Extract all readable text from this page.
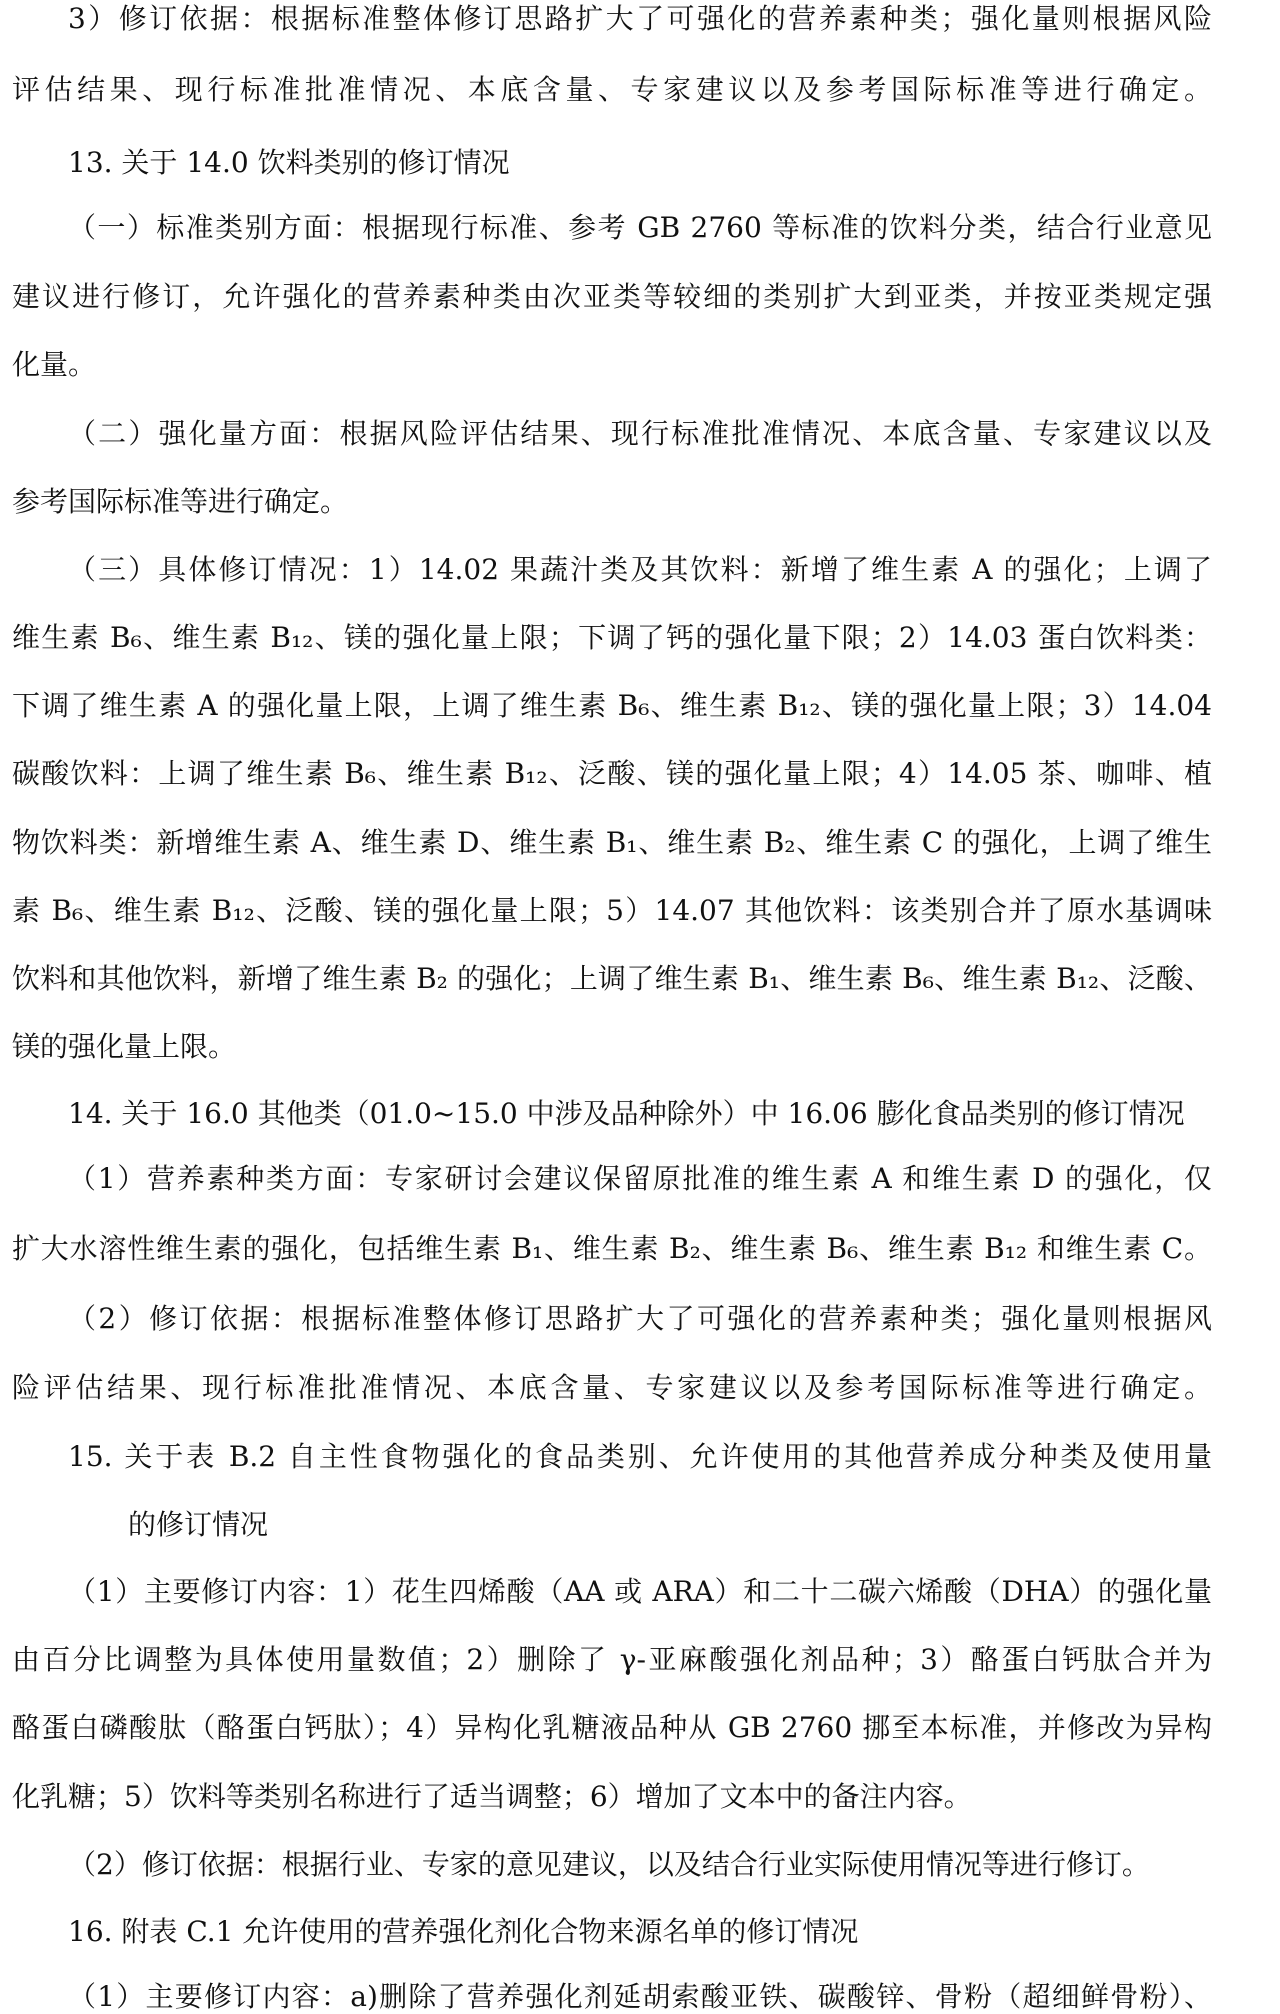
3）修订依据：根据标准整体修订思路扩大了可强化的营养素种类；强化量则根据风险
评估结果、现行标准批准情况、本底含量、专家建议以及参考国际标准等进行确定。
13. 关于 14.0 饮料类别的修订情况
（一）标准类别方面：根据现行标准、参考 GB 2760 等标准的饮料分类，结合行业意见
建议进行修订，允许强化的营养素种类由次亚类等较细的类别扩大到亚类，并按亚类规定强
化量。
（二）强化量方面：根据风险评估结果、现行标准批准情况、本底含量、专家建议以及
参考国际标准等进行确定。
（三）具体修订情况：1）14.02 果蔬汁类及其饮料：新增了维生素 A 的强化；上调了
维生素 B₆、维生素 B₁₂、镁的强化量上限；下调了钙的强化量下限；2）14.03 蛋白饮料类：
下调了维生素 A 的强化量上限，上调了维生素 B₆、维生素 B₁₂、镁的强化量上限；3）14.04
碳酸饮料：上调了维生素 B₆、维生素 B₁₂、泛酸、镁的强化量上限；4）14.05 茶、咖啡、植
物饮料类：新增维生素 A、维生素 D、维生素 B₁、维生素 B₂、维生素 C 的强化，上调了维生
素 B₆、维生素 B₁₂、泛酸、镁的强化量上限；5）14.07 其他饮料：该类别合并了原水基调味
饮料和其他饮料，新增了维生素 B₂ 的强化；上调了维生素 B₁、维生素 B₆、维生素 B₁₂、泛酸、
镁的强化量上限。
14. 关于 16.0 其他类（01.0~15.0 中涉及品种除外）中 16.06 膨化食品类别的修订情况
（1）营养素种类方面：专家研讨会建议保留原批准的维生素 A 和维生素 D 的强化，仅
扩大水溶性维生素的强化，包括维生素 B₁、维生素 B₂、维生素 B₆、维生素 B₁₂ 和维生素 C。
（2）修订依据：根据标准整体修订思路扩大了可强化的营养素种类；强化量则根据风
险评估结果、现行标准批准情况、本底含量、专家建议以及参考国际标准等进行确定。
15. 关于表 B.2 自主性食物强化的食品类别、允许使用的其他营养成分种类及使用量
的修订情况
（1）主要修订内容：1）花生四烯酸（AA 或 ARA）和二十二碳六烯酸（DHA）的强化量
由百分比调整为具体使用量数值；2）删除了 γ-亚麻酸强化剂品种；3）酪蛋白钙肽合并为
酪蛋白磷酸肽（酪蛋白钙肽）；4）异构化乳糖液品种从 GB 2760 挪至本标准，并修改为异构
化乳糖；5）饮料等类别名称进行了适当调整；6）增加了文本中的备注内容。
（2）修订依据：根据行业、专家的意见建议，以及结合行业实际使用情况等进行修订。
16. 附表 C.1 允许使用的营养强化剂化合物来源名单的修订情况
（1）主要修订内容：a)删除了营养强化剂延胡索酸亚铁、碳酸锌、骨粉（超细鲜骨粉）、
